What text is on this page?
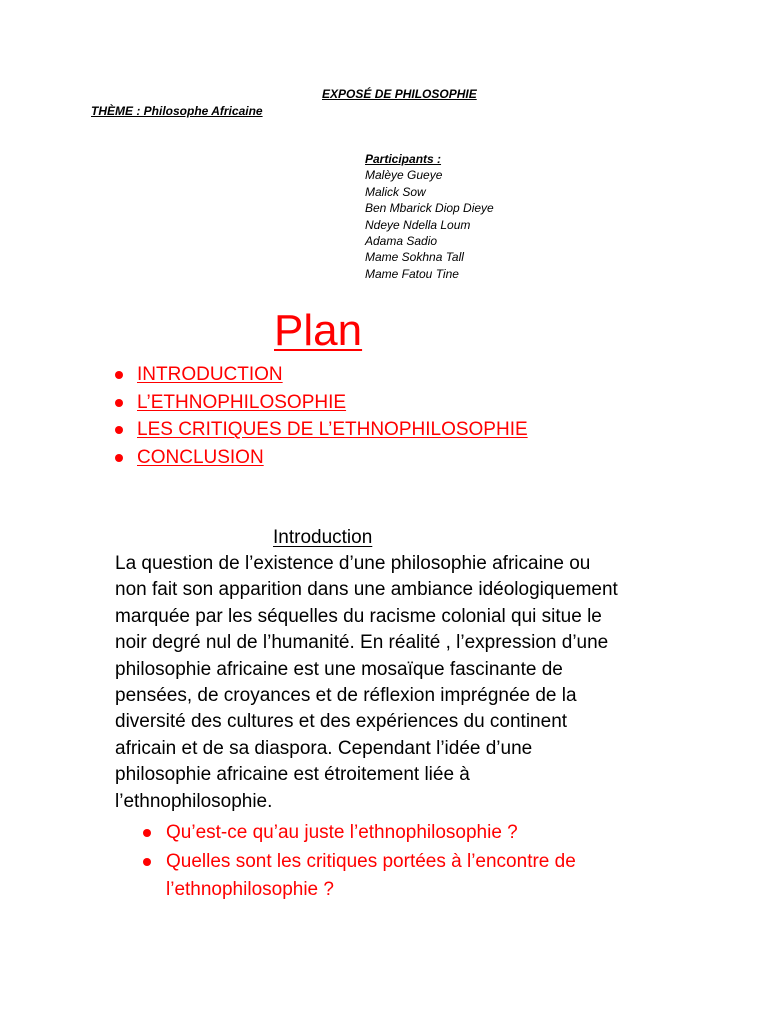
EXPOSÉ DE PHILOSOPHIE
THÈME : Philosophe Africaine
Participants :
Malèye Gueye
Malick Sow
Ben Mbarick Diop Dieye
Ndeye Ndella Loum
Adama Sadio
Mame Sokhna Tall
Mame Fatou Tine
Plan
INTRODUCTION
L’ETHNOPHILOSOPHIE
LES CRITIQUES DE L’ETHNOPHILOSOPHIE
CONCLUSION
Introduction

La question de l’existence d’une philosophie africaine ou
non fait son apparition dans une ambiance idéologiquement
marquée par les séquelles du racisme colonial qui situe le
noir degré nul de l’humanité. En réalité , l’expression d’une
philosophie africaine est une mosaïque fascinante de
pensées, de croyances et de réflexion imprégnée de la
diversité des cultures et des expériences du continent
africain et de sa diaspora. Cependant l’idée d’une
philosophie africaine est étroitement liée à
l’ethnophilosophie.

Qu’est-ce qu’au juste l’ethnophilosophie ?
Quelles sont les critiques portées à l’encontre de
l’ethnophilosophie ?
